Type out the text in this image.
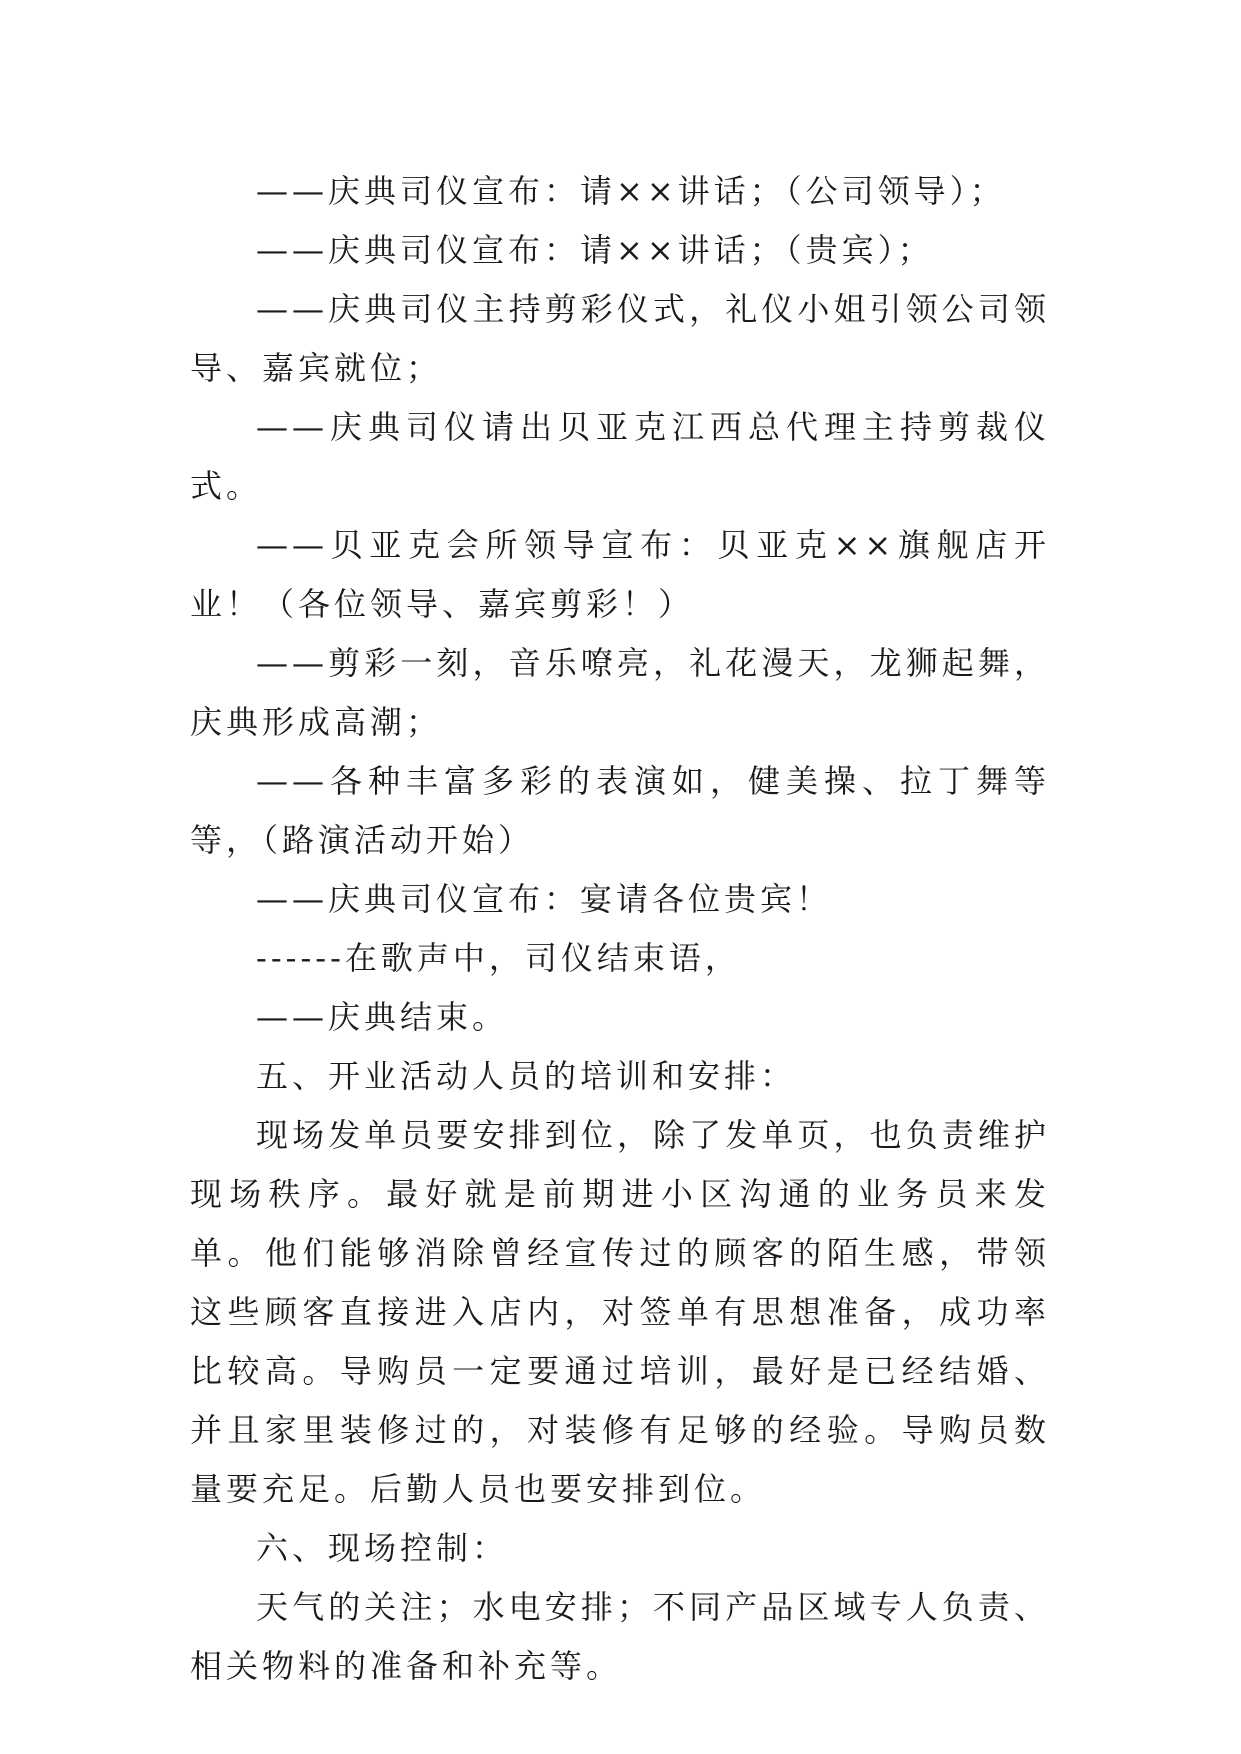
——庆典司仪宣布：请××讲话；（公司领导）；

——庆典司仪宣布：请××讲话；（贵宾）；

——庆典司仪主持剪彩仪式，礼仪小姐引领公司领导、嘉宾就位；

——庆典司仪请出贝亚克江西总代理主持剪裁仪式。

——贝亚克会所领导宣布：贝亚克××旗舰店开业！（各位领导、嘉宾剪彩！）

——剪彩一刻，音乐嘹亮，礼花漫天，龙狮起舞，庆典形成高潮；

——各种丰富多彩的表演如，健美操、拉丁舞等等，（路演活动开始）

——庆典司仪宣布：宴请各位贵宾！

------在歌声中，司仪结束语，

——庆典结束。

五、开业活动人员的培训和安排：

现场发单员要安排到位，除了发单页，也负责维护现场秩序。最好就是前期进小区沟通的业务员来发单。他们能够消除曾经宣传过的顾客的陌生感，带领这些顾客直接进入店内，对签单有思想准备，成功率比较高。导购员一定要通过培训，最好是已经结婚、并且家里装修过的，对装修有足够的经验。导购员数量要充足。后勤人员也要安排到位。

六、现场控制：

天气的关注；水电安排；不同产品区域专人负责、相关物料的准备和补充等。
